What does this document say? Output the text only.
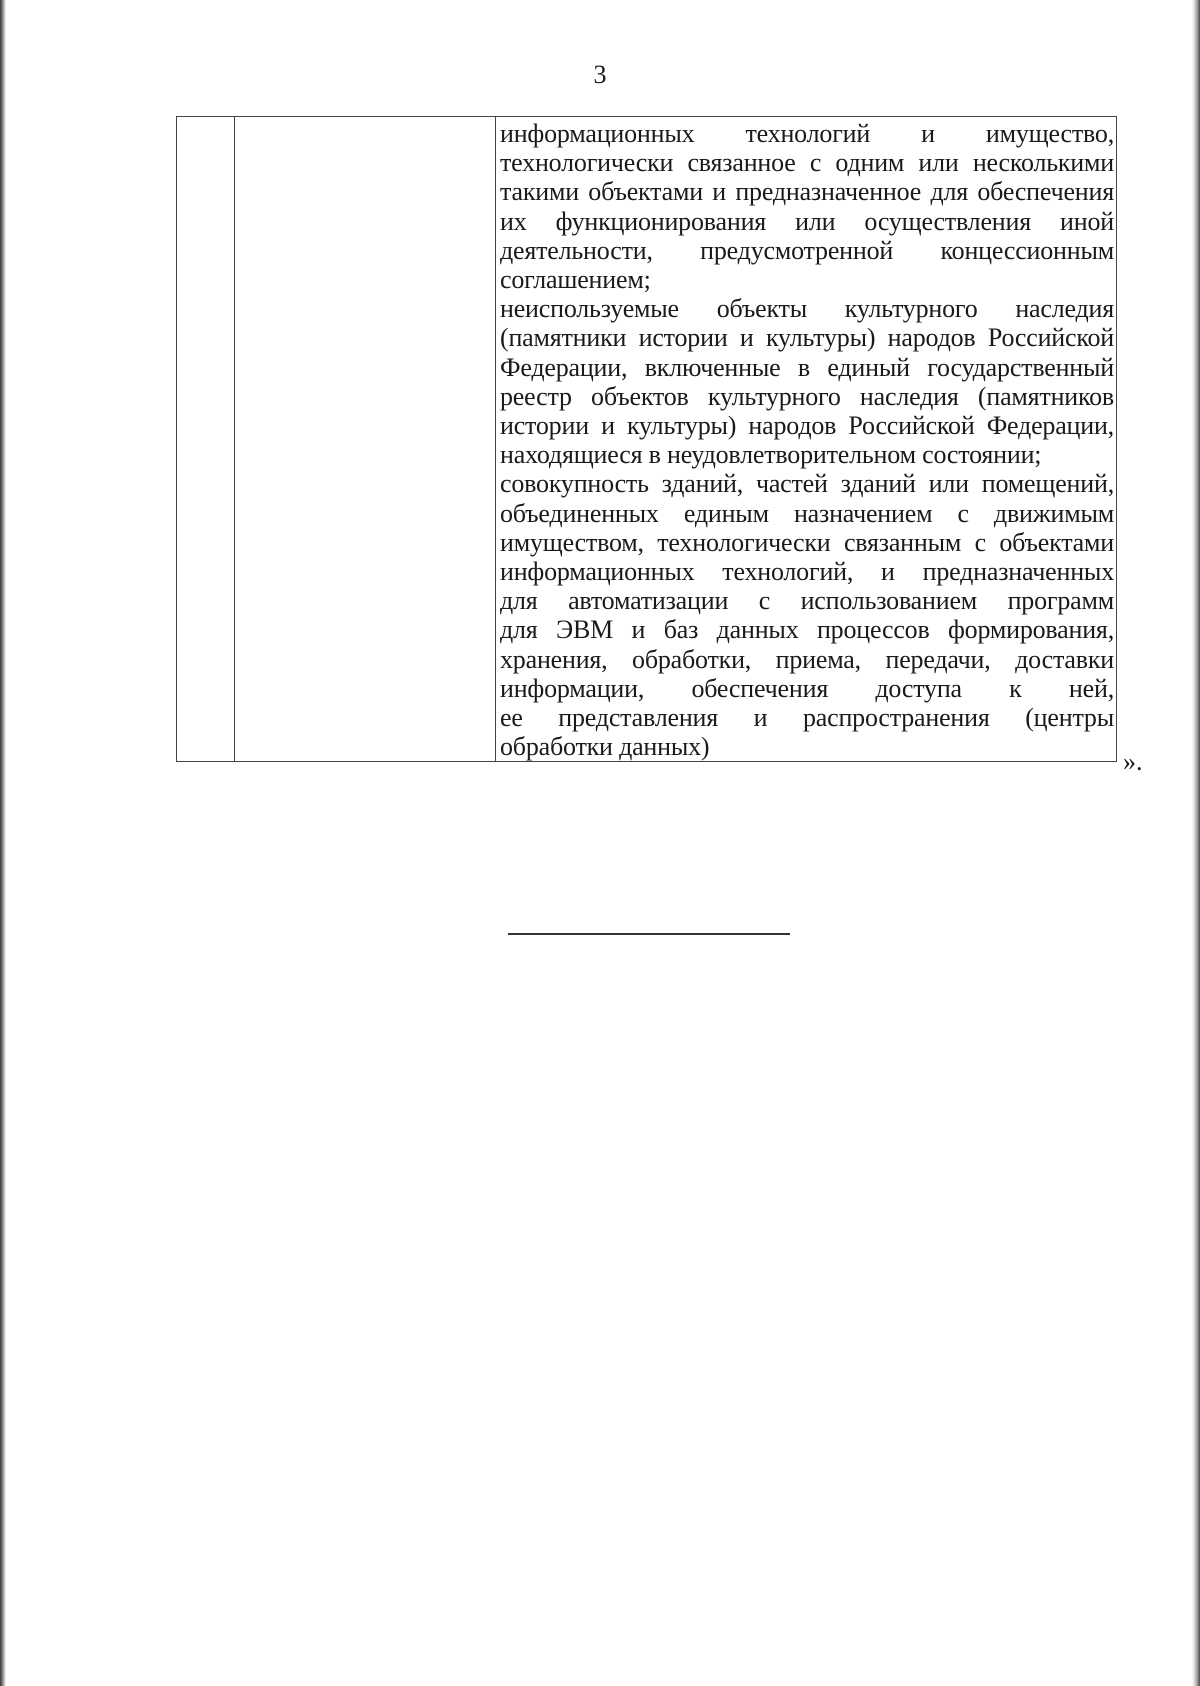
3

информационных технологий и имущество,
технологически связанное с одним или несколькими
такими объектами и предназначенное для обеспечения
их функционирования или осуществления иной
деятельности, предусмотренной концессионным
соглашением;
неиспользуемые объекты культурного наследия
(памятники истории и культуры) народов Российской
Федерации, включенные в единый государственный
реестр объектов культурного наследия (памятников
истории и культуры) народов Российской Федерации,
находящиеся в неудовлетворительном состоянии;
совокупность зданий, частей зданий или помещений,
объединенных единым назначением с движимым
имуществом, технологически связанным с объектами
информационных технологий, и предназначенных
для автоматизации с использованием программ
для ЭВМ и баз данных процессов формирования,
хранения, обработки, приема, передачи, доставки
информации, обеспечения доступа к ней,
ее представления и распространения (центры
обработки данных)
».
